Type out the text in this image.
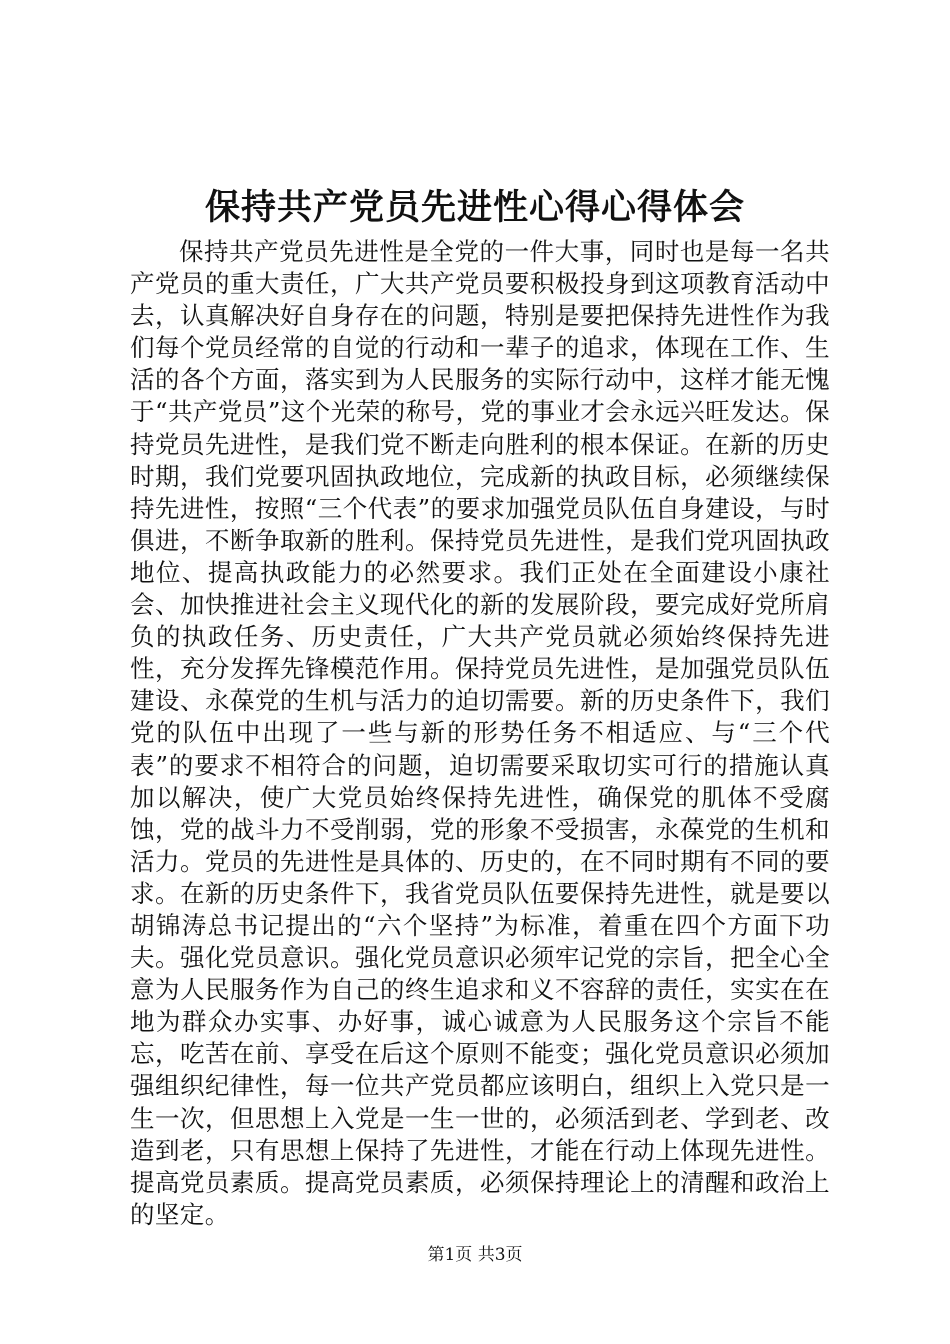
保持共产党员先进性心得心得体会

保持共产党员先进性是全党的一件大事，同时也是每一名共产党员的重大责任，广大共产党员要积极投身到这项教育活动中去，认真解决好自身存在的问题，特别是要把保持先进性作为我们每个党员经常的自觉的行动和一辈子的追求，体现在工作、生活的各个方面，落实到为人民服务的实际行动中，这样才能无愧于“共产党员”这个光荣的称号，党的事业才会永远兴旺发达。保持党员先进性，是我们党不断走向胜利的根本保证。在新的历史时期，我们党要巩固执政地位，完成新的执政目标，必须继续保持先进性，按照“三个代表”的要求加强党员队伍自身建设，与时俱进，不断争取新的胜利。保持党员先进性，是我们党巩固执政地位、提高执政能力的必然要求。我们正处在全面建设小康社会、加快推进社会主义现代化的新的发展阶段，要完成好党所肩负的执政任务、历史责任，广大共产党员就必须始终保持先进性，充分发挥先锋模范作用。保持党员先进性，是加强党员队伍建设、永葆党的生机与活力的迫切需要。新的历史条件下，我们党的队伍中出现了一些与新的形势任务不相适应、与“三个代表”的要求不相符合的问题，迫切需要采取切实可行的措施认真加以解决，使广大党员始终保持先进性，确保党的肌体不受腐蚀，党的战斗力不受削弱，党的形象不受损害，永葆党的生机和活力。党员的先进性是具体的、历史的，在不同时期有不同的要求。在新的历史条件下，我省党员队伍要保持先进性，就是要以胡锦涛总书记提出的“六个坚持”为标准，着重在四个方面下功夫。强化党员意识。强化党员意识必须牢记党的宗旨，把全心全意为人民服务作为自己的终生追求和义不容辞的责任，实实在在地为群众办实事、办好事，诚心诚意为人民服务这个宗旨不能忘，吃苦在前、享受在后这个原则不能变；强化党员意识必须加强组织纪律性，每一位共产党员都应该明白，组织上入党只是一生一次，但思想上入党是一生一世的，必须活到老、学到老、改造到老，只有思想上保持了先进性，才能在行动上体现先进性。提高党员素质。提高党员素质，必须保持理论上的清醒和政治上的坚定。

第1页 共3页
